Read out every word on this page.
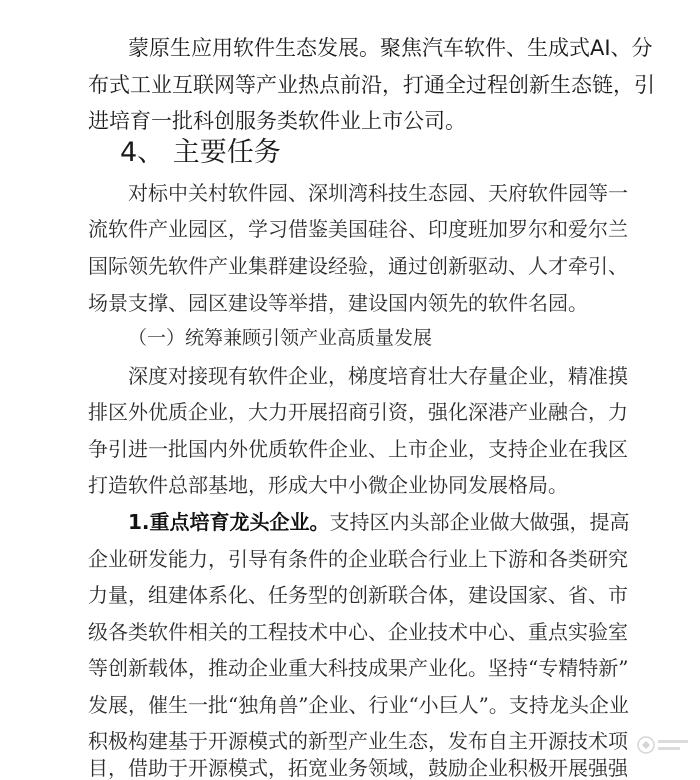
蒙原生应用软件生态发展。聚焦汽车软件、生成式AI、分
布式工业互联网等产业热点前沿，打通全过程创新生态链，引
进培育一批科创服务类软件业上市公司。
4、 主要任务
对标中关村软件园、深圳湾科技生态园、天府软件园等一
流软件产业园区，学习借鉴美国硅谷、印度班加罗尔和爱尔兰
国际领先软件产业集群建设经验，通过创新驱动、人才牵引、
场景支撑、园区建设等举措，建设国内领先的软件名园。
（一）统筹兼顾引领产业高质量发展
深度对接现有软件企业，梯度培育壮大存量企业，精准摸
排区外优质企业，大力开展招商引资，强化深港产业融合，力
争引进一批国内外优质软件企业、上市企业，支持企业在我区
打造软件总部基地，形成大中小微企业协同发展格局。
1.重点培育龙头企业。支持区内头部企业做大做强，提高
企业研发能力，引导有条件的企业联合行业上下游和各类研究
力量，组建体系化、任务型的创新联合体，建设国家、省、市
级各类软件相关的工程技术中心、企业技术中心、重点实验室
等创新载体，推动企业重大科技成果产业化。坚持“专精特新”
发展，催生一批“独角兽”企业、行业“小巨人”。支持龙头企业
积极构建基于开源模式的新型产业生态，发布自主开源技术项
目，借助于开源模式，拓宽业务领域，鼓励企业积极开展强强
